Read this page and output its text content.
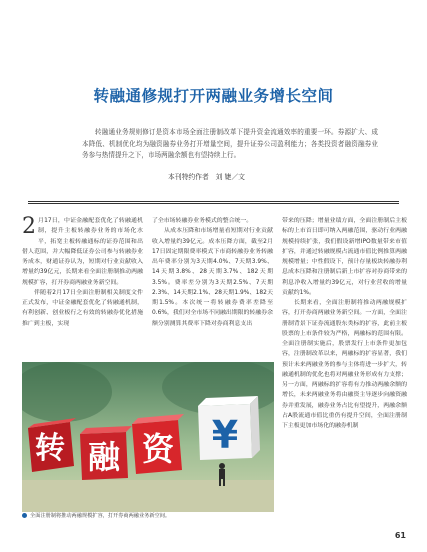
转融通修规打开两融业务增长空间
转融通业务规则修订是资本市场全面注册制改革下提升资金流通效率的重要一环。券源扩大、成本降低、机制优化均为融资融券业务打开增量空间，提升证券公司盈利能力；各类投资者融资融券业务参与热情提升之下，市场两融余额也有望持续上行。
本刊特约作者　刘 婕／文

2 月17日，中证金融配套优化了转融通机制，提升主板转融券业务的市场化水平，拓宽主板转融通标的证券范围和出借人范围，并大幅降低证券公司参与转融券业务成本，财通证券认为，短期对行业贡献收入增量约39亿元，长期来看全面注册制推动两融规模扩容，打开券商两融业务新空间。

伴随着2月17日全面注册制相关制度文件正式发布，中证金融配套优化了转融通机制，有利创新、创业板行之有效的转融券优化措施推广到主板，实现

了全市场转融券业务模式的整合统一。

从成本压降和市场增量看短期对行业贡献收入增量约39亿元。成本压降方面，截至2月17日固定期限费率模式下市商转融券业务转融出年费率分别为3天期4.0%、7天期3.9%、14天期3.8%、28天期3.7%、182天期3.5%。费率差分别为3天期2.5%、7天期2.3%、14天期2.1%、28天期1.9%、182天期1.5%。本次统一将转融券费率差降至0.6%，我们对全市场不同融出期限的转融券余额分别测算其费率下降对券商利息支出

带来的压降；增量业绩方面，全面注册制后主板标的上市首日即可纳入两融范围，驱动行业两融规模持续扩张，我们假设新增IPO数量带来市值扩容，并通过转融规模占流通市值比例推算两融规模增量；中性假设下，预计存量板块转融券利息成本压降和注册制后新上市扩容对券商带来的利息净收入增量约39亿元，对行业营收的增量贡献约1%。

长期来看，全面注册制将推动两融规模扩容，打开券商两融业务新空间。一方面，全面注册制背景下证券流通股东类标的扩容，此前主板股票的上市条件较为严格，两融标的范围有限。全面注册制实施后，股票发行上市条件更加包容，注册制改革以来，两融标的扩容显著，我们预计未来两融业务的参与主体将进一步扩大，转融通机制的优化也将对两融业务形成有力支撑；另一方面，两融标的扩容将有力推动两融余额的增长，未来两融业务将由融资主导逐步向融资融券并重发展，融券业务占比有望提升，两融余额占A股流通市值比重仍有提升空间，全面注册制下主板更加市场化的融券机制

转 融 资 ¥
全面注册制将推动两融规模扩容，打开券商两融业务新空间。
61
